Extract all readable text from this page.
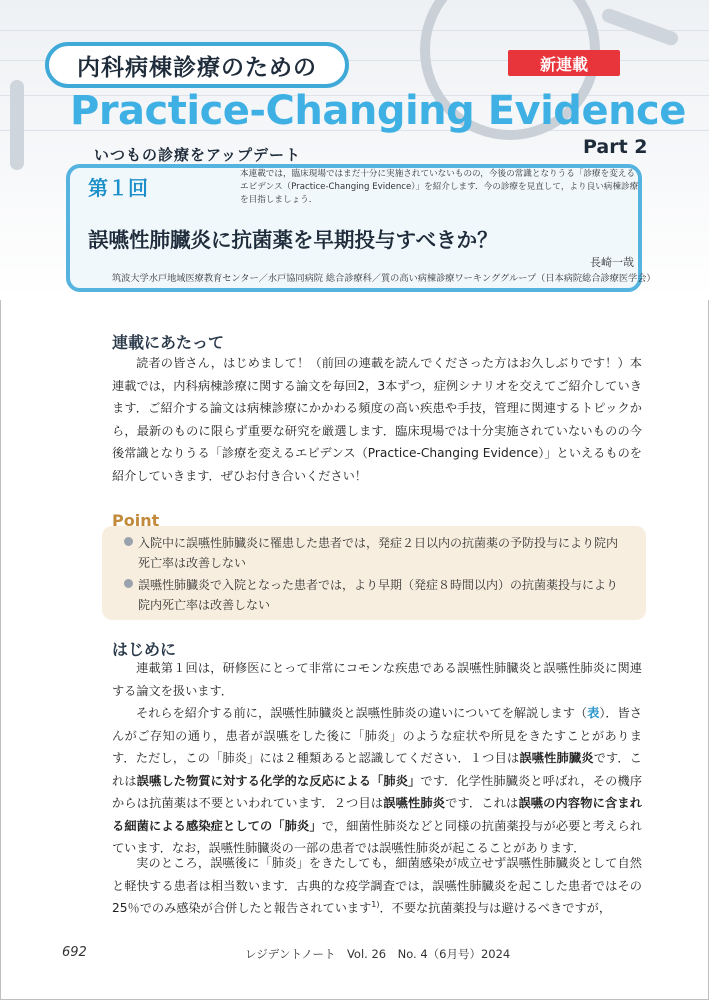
内科病棟診療のための	新連載
Practice-Changing Evidence
Part 2
いつもの診療をアップデート
第１回
本連載では，臨床現場ではまだ十分に実施されていないものの，今後の常識となりうる「診療を変えるエビデンス（Practice-Changing Evidence）」を紹介します．今の診療を見直して，より良い病棟診療を目指しましょう．
誤嚥性肺臓炎に抗菌薬を早期投与すべきか？
長崎一哉
筑波大学水戸地域医療教育センター／水戸協同病院 総合診療科／質の高い病棟診療ワーキンググループ（日本病院総合診療医学会）
連載にあたって
読者の皆さん，はじめまして！（前回の連載を読んでくださった方はお久しぶりです！）本連載では，内科病棟診療に関する論文を毎回2，3本ずつ，症例シナリオを交えてご紹介していきます．ご紹介する論文は病棟診療にかかわる頻度の高い疾患や手技，管理に関連するトピックから，最新のものに限らず重要な研究を厳選します．臨床現場では十分実施されていないものの今後常識となりうる「診療を変えるエビデンス（Practice-Changing Evidence）」といえるものを紹介していきます．ぜひお付き合いください！
Point
入院中に誤嚥性肺臓炎に罹患した患者では，発症２日以内の抗菌薬の予防投与により院内
死亡率は改善しない
誤嚥性肺臓炎で入院となった患者では，より早期（発症８時間以内）の抗菌薬投与により
院内死亡率は改善しない
はじめに
連載第１回は，研修医にとって非常にコモンな疾患である誤嚥性肺臓炎と誤嚥性肺炎に関連する論文を扱います．
それらを紹介する前に，誤嚥性肺臓炎と誤嚥性肺炎の違いについてを解説します（表）．皆さんがご存知の通り，患者が誤嚥をした後に「肺炎」のような症状や所見をきたすことがあります．ただし，この「肺炎」には２種類あると認識してください．１つ目は誤嚥性肺臓炎です．これは誤嚥した物質に対する化学的な反応による「肺炎」です．化学性肺臓炎と呼ばれ，その機序からは抗菌薬は不要といわれています．２つ目は誤嚥性肺炎です．これは誤嚥の内容物に含まれる細菌による感染症としての「肺炎」で，細菌性肺炎などと同様の抗菌薬投与が必要と考えられています．なお，誤嚥性肺臓炎の一部の患者では誤嚥性肺炎が起こることがあります．
実のところ，誤嚥後に「肺炎」をきたしても，細菌感染が成立せず誤嚥性肺臓炎として自然と軽快する患者は相当数います．古典的な疫学調査では，誤嚥性肺臓炎を起こした患者ではその25％でのみ感染が合併したと報告されています$^{1)}$．不要な抗菌薬投与は避けるべきですが，
692	レジデントノート　Vol. 26　No. 4（6月号）2024
